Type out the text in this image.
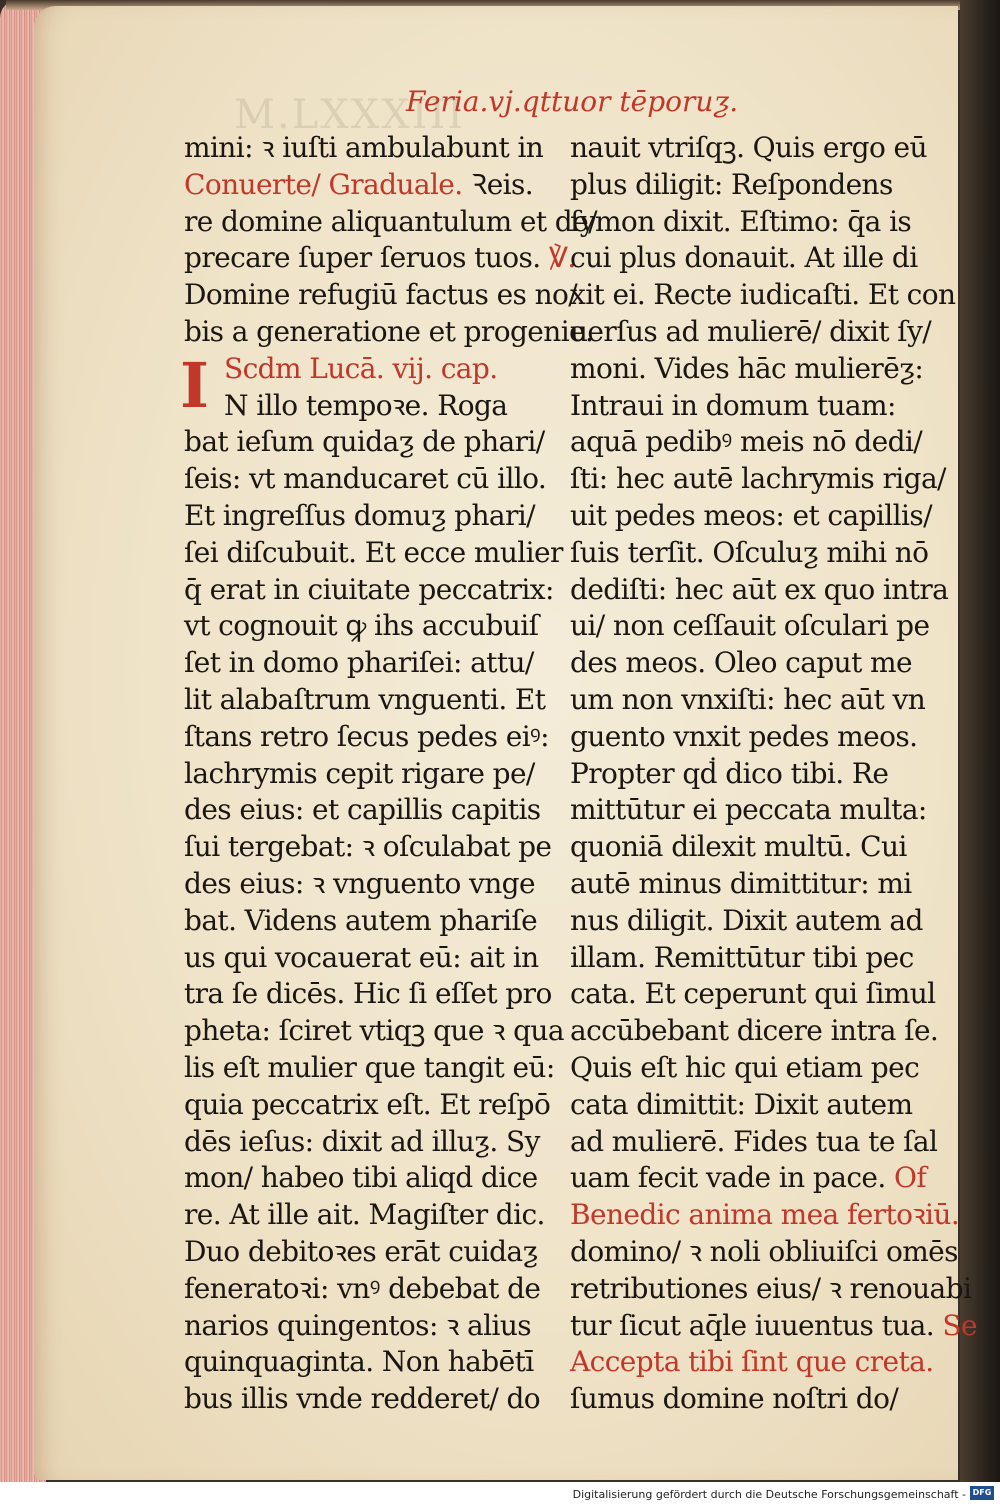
M.LXXXIII
Feria.vj.qttuor tēporuƺ.
mini: ꝛ iuſti ambulabunt in
Conuerte/ Graduale. Ꝛeis.
re domine aliquantulum et de/
precare ſuper ſeruos tuos. ℣.
Domine refugiū factus es no/
bis a generatione et progenie.
I Scdm Lucā. vij. cap.
N illo tempoꝛe. Roga
bat ieſum quidaƺ de phari/
ſeis: vt manducaret cū illo.
Et ingreſſus domuƺ phari/
ſei diſcubuit. Et ecce mulier
q̄ erat in ciuitate peccatrix:
vt cognouit ꝙ ihs accubuiſ
ſet in domo phariſei: attu/
lit alabaſtrum vnguenti. Et
ſtans retro ſecus pedes eiꝰ:
lachrymis cepit rigare pe/
des eius: et capillis capitis
ſui tergebat: ꝛ oſculabat pe
des eius: ꝛ vnguento vnge
bat. Videns autem phariſe
us qui vocauerat eū: ait in
tra ſe dicēs. Hic ſi eſſet pro
pheta: ſciret vtiqꝫ que ꝛ qua
lis eſt mulier que tangit eū:
quia peccatrix eſt. Et reſpō
dēs ieſus: dixit ad illuƺ. Sy
mon/ habeo tibi aliqd dice
re. At ille ait. Magiſter dic.
Duo debitoꝛes erāt cuidaƺ
feneratoꝛi: vnꝰ debebat de
narios quingentos: ꝛ alius
quinquaginta. Non habētī
bus illis vnde redderet/ do
nauit vtriſqꝫ. Quis ergo eū
plus diligit: Reſpondens
ſymon dixit. Eſtimo: q̄a is
cui plus donauit. At ille di
xit ei. Recte iudicaſti. Et con
uerſus ad mulierē/ dixit ſy/
moni. Vides hāc mulierēƺ:
Intraui in domum tuam:
aquā pedibꝰ meis nō dedi/
ſti: hec autē lachrymis riga/
uit pedes meos: et capillis/
ſuis terſit. Oſculuƺ mihi nō
dediſti: hec aūt ex quo intra
ui/ non ceſſauit oſculari pe
des meos. Oleo caput me
um non vnxiſti: hec aūt vn
guento vnxit pedes meos.
Propter qḋ dico tibi. Re
mittūtur ei peccata multa:
quoniā dilexit multū. Cui
autē minus dimittitur: mi
nus diligit. Dixit autem ad
illam. Remittūtur tibi pec
cata. Et ceperunt qui ſimul
accūbebant dicere intra ſe.
Quis eſt hic qui etiam pec
cata dimittit: Dixit autem
ad mulierē. Fides tua te ſal
uam fecit vade in pace. Of
Benedic anima mea fertoꝛiū.
domino/ ꝛ noli obliuiſci omēs
retributiones eius/ ꝛ renouabi
tur ſicut aq̄le iuuentus tua. Se
Accepta tibi ſint que creta.
ſumus domine noſtri do/
Digitalisierung gefördert durch die Deutsche Forschungsgemeinschaft - DFG
